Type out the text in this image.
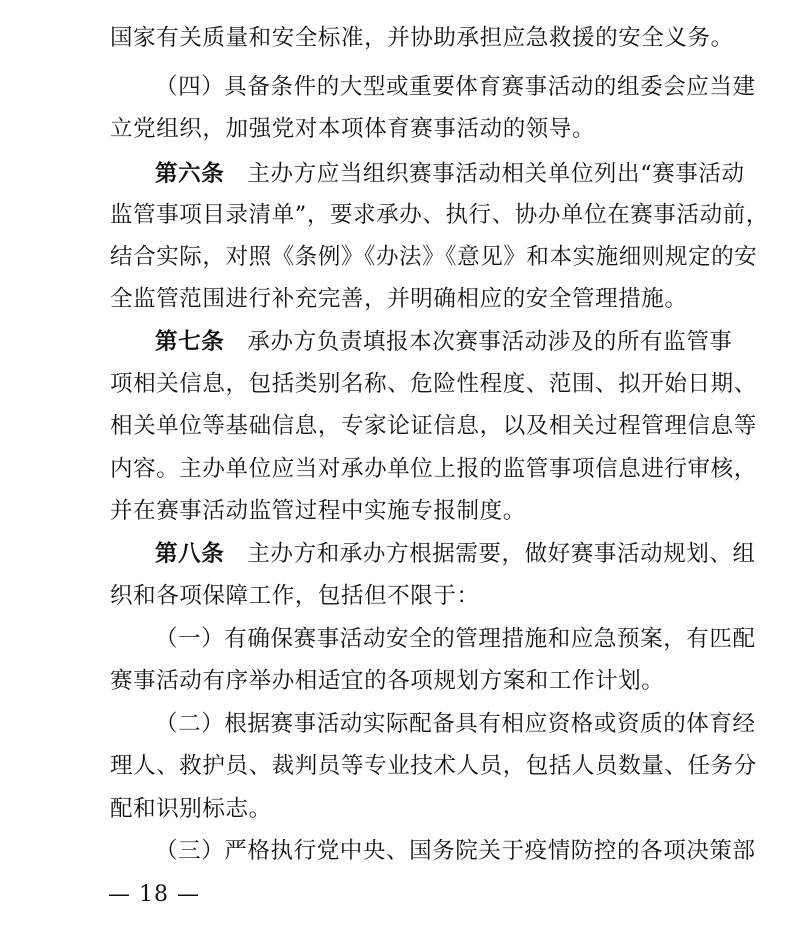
国家有关质量和安全标准，并协助承担应急救援的安全义务。
（四）具备条件的大型或重要体育赛事活动的组委会应当建
立党组织，加强党对本项体育赛事活动的领导。
第六条　主办方应当组织赛事活动相关单位列出“赛事活动
监管事项目录清单”，要求承办、执行、协办单位在赛事活动前，
结合实际，对照《条例》《办法》《意见》和本实施细则规定的安
全监管范围进行补充完善，并明确相应的安全管理措施。
第七条　承办方负责填报本次赛事活动涉及的所有监管事
项相关信息，包括类别名称、危险性程度、范围、拟开始日期、
相关单位等基础信息，专家论证信息，以及相关过程管理信息等
内容。主办单位应当对承办单位上报的监管事项信息进行审核，
并在赛事活动监管过程中实施专报制度。
第八条　主办方和承办方根据需要，做好赛事活动规划、组
织和各项保障工作，包括但不限于：
（一）有确保赛事活动安全的管理措施和应急预案，有匹配
赛事活动有序举办相适宜的各项规划方案和工作计划。
（二）根据赛事活动实际配备具有相应资格或资质的体育经
理人、救护员、裁判员等专业技术人员，包括人员数量、任务分
配和识别标志。
（三）严格执行党中央、国务院关于疫情防控的各项决策部
— 18 —
